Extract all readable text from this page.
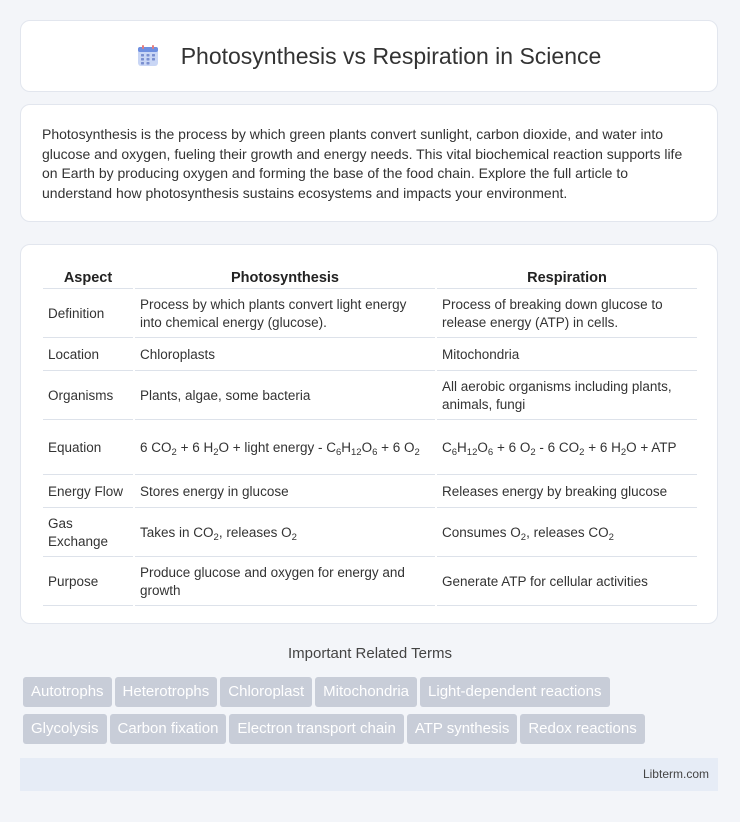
Photosynthesis vs Respiration in Science

Photosynthesis is the process by which green plants convert sunlight, carbon dioxide, and water into glucose and oxygen, fueling their growth and energy needs. This vital biochemical reaction supports life on Earth by producing oxygen and forming the base of the food chain. Explore the full article to understand how photosynthesis sustains ecosystems and impacts your environment.

Aspect	Photosynthesis	Respiration
Definition	Process by which plants convert light energy into chemical energy (glucose).	Process of breaking down glucose to release energy (ATP) in cells.
Location	Chloroplasts	Mitochondria
Organisms	Plants, algae, some bacteria	All aerobic organisms including plants, animals, fungi
Equation	6 $CO_2 + 6$ $H_2O$ + light energy - $C_6H_{12}O_6 + 6$ $O_2$	$C_6H_{12}O_6 + 6$ $O_2 - 6$ $CO_2 + 6$ $H_2O$ + ATP
Energy Flow	Stores energy in glucose	Releases energy by breaking glucose
Gas Exchange	Takes in $CO_2$, releases $O_2$	Consumes $O_2$, releases $CO_2$
Purpose	Produce glucose and oxygen for energy and growth	Generate ATP for cellular activities
Important Related Terms
Autotrophs Heterotrophs Chloroplast Mitochondria Light-dependent reactions
Glycolysis Carbon fixation Electron transport chain ATP synthesis Redox reactions
Libterm.com
